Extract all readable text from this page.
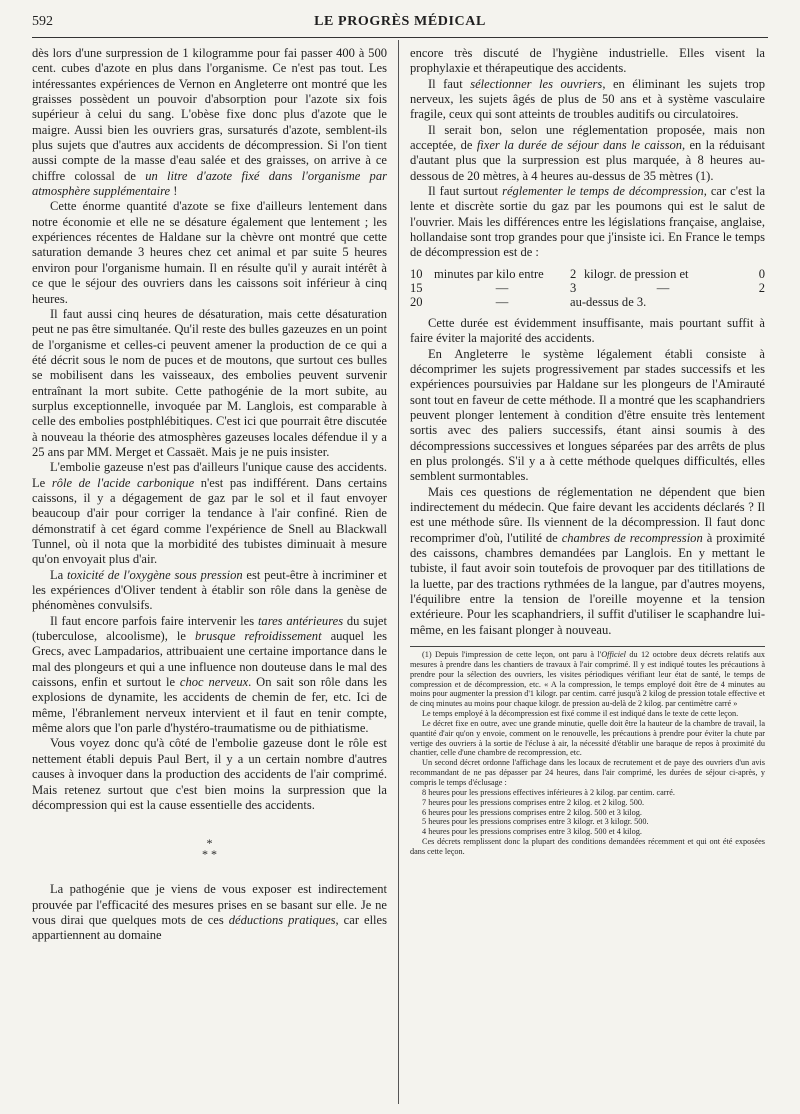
592	LE PROGRÈS MÉDICAL

dès lors d'une surpression de 1 kilogramme pour fai passer 400 à 500 cent. cubes d'azote en plus dans l'organisme. Ce n'est pas tout. Les intéressantes expériences de Vernon en Angleterre ont montré que les graisses possèdent un pouvoir d'absorption pour l'azote six fois supérieur à celui du sang. L'obèse fixe donc plus d'azote que le maigre. Aussi bien les ouvriers gras, sursaturés d'azote, semblent-ils plus sujets que d'autres aux accidents de décompression. Si l'on tient aussi compte de la masse d'eau salée et des graisses, on arrive à ce chiffre colossal de un litre d'azote fixé dans l'organisme par atmosphère supplémentaire !

Cette énorme quantité d'azote se fixe d'ailleurs lentement dans notre économie et elle ne se désature également que lentement ; les expériences récentes de Haldane sur la chèvre ont montré que cette saturation demande 3 heures chez cet animal et par suite 5 heures environ pour l'organisme humain. Il en résulte qu'il y aurait intérêt à ce que le séjour des ouvriers dans les caissons soit inférieur à cinq heures.

Il faut aussi cinq heures de désaturation, mais cette désaturation peut ne pas être simultanée. Qu'il reste des bulles gazeuzes en un point de l'organisme et celles-ci peuvent amener la production de ce qui a été décrit sous le nom de puces et de moutons, que surtout ces bulles se mobilisent dans les vaisseaux, des embolies peuvent survenir entraînant la mort subite. Cette pathogénie de la mort subite, au surplus exceptionnelle, invoquée par M. Langlois, est comparable à celle des embolies postphlébitiques. C'est ici que pourrait être discutée à nouveau la théorie des atmosphères gazeuses locales défendue il y a 25 ans par MM. Merget et Cassaët. Mais je ne puis insister.

L'embolie gazeuse n'est pas d'ailleurs l'unique cause des accidents. Le rôle de l'acide carbonique n'est pas indifférent. Dans certains caissons, il y a dégagement de gaz par le sol et il faut envoyer beaucoup d'air pour corriger la tendance à l'air confiné. Rien de démonstratif à cet égard comme l'expérience de Snell au Blackwall Tunnel, où il nota que la morbidité des tubistes diminuait à mesure qu'on envoyait plus d'air.

La toxicité de l'oxygène sous pression est peut-être à incriminer et les expériences d'Oliver tendent à établir son rôle dans la genèse de phénomènes convulsifs.

Il faut encore parfois faire intervenir les tares antérieures du sujet (tuberculose, alcoolisme), le brusque refroidissement auquel les Grecs, avec Lampadarios, attribuaient une certaine importance dans le mal des plongeurs et qui a une influence non douteuse dans le mal des caissons, enfin et surtout le choc nerveux. On sait son rôle dans les explosions de dynamite, les accidents de chemin de fer, etc. Ici de même, l'ébranlement nerveux intervient et il faut en tenir compte, même alors que l'on parle d'hystéro-traumatisme ou de pithiatisme.

Vous voyez donc qu'à côté de l'embolie gazeuse dont le rôle est nettement établi depuis Paul Bert, il y a un certain nombre d'autres causes à invoquer dans la production des accidents de l'air comprimé. Mais retenez surtout que c'est bien moins la surpression que la décompression qui est la cause essentielle des accidents.

*
* *

La pathogénie que je viens de vous exposer est indirectement prouvée par l'efficacité des mesures prises en se basant sur elle. Je ne vous dirai que quelques mots de ces déductions pratiques, car elles appartiennent au domaine

encore très discuté de l'hygiène industrielle. Elles visent la prophylaxie et thérapeutique des accidents.

Il faut sélectionner les ouvriers, en éliminant les sujets trop nerveux, les sujets âgés de plus de 50 ans et à système vasculaire fragile, ceux qui sont atteints de troubles auditifs ou circulatoires.

Il serait bon, selon une réglementation proposée, mais non acceptée, de fixer la durée de séjour dans le caisson, en la réduisant d'autant plus que la surpression est plus marquée, à 8 heures au-dessous de 20 mètres, à 4 heures au-dessus de 35 mètres (1).

Il faut surtout réglementer le temps de décompression, car c'est la lente et discrète sortie du gaz par les poumons qui est le salut de l'ouvrier. Mais les différences entre les législations française, anglaise, hollandaise sont trop grandes pour que j'insiste ici. En France le temps de décompression est de :

10	minutes par kilo entre	2	kilogr. de pression et	0
15	—	3	—	2
20	—	au-dessus de 3.		

Cette durée est évidemment insuffisante, mais pourtant suffit à faire éviter la majorité des accidents.

En Angleterre le système légalement établi consiste à décomprimer les sujets progressivement par stades successifs et les expériences poursuivies par Haldane sur les plongeurs de l'Amirauté sont tout en faveur de cette méthode. Il a montré que les scaphandriers peuvent plonger lentement à condition d'être ensuite très lentement sortis avec des paliers successifs, étant ainsi soumis à des décompressions successives et longues séparées par des arrêts de plus en plus prolongés. S'il y a à cette méthode quelques difficultés, elles semblent surmontables.

Mais ces questions de réglementation ne dépendent que bien indirectement du médecin. Que faire devant les accidents déclarés ? Il est une méthode sûre. Ils viennent de la décompression. Il faut donc recomprimer d'où, l'utilité de chambres de recompression à proximité des caissons, chambres demandées par Langlois. En y mettant le tubiste, il faut avoir soin toutefois de provoquer par des titillations de la luette, par des tractions rythmées de la langue, par d'autres moyens, l'équilibre entre la tension de l'oreille moyenne et la tension extérieure. Pour les scaphandriers, il suffit d'utiliser le scaphandre lui-même, en les faisant plonger à nouveau.

(1) Depuis l'impression de cette leçon, ont paru à l'Officiel du 12 octobre deux décrets relatifs aux mesures à prendre dans les chantiers de travaux à l'air comprimé. Il y est indiqué toutes les précautions à prendre pour la sélection des ouvriers, les visites périodiques vérifiant leur état de santé, le temps de compression et de décompression, etc. « A la compression, le temps employé doit être de 4 minutes au moins pour augmenter la pression d'1 kilogr. par centim. carré jusqu'à 2 kilog de pression totale effective et de cinq minutes au moins pour chaque kilogr. de pression au-delà de 2 kilog. par centimètre carré »

Le temps employé à la décompression est fixé comme il est indiqué dans le texte de cette leçon.

Le décret fixe en outre, avec une grande minutie, quelle doit être la hauteur de la chambre de travail, la quantité d'air qu'on y envoie, comment on le renouvelle, les précautions à prendre pour éviter la chute par vertige des ouvriers à la sortie de l'écluse à air, la nécessité d'établir une baraque de repos à proximité du chantier, celle d'une chambre de recompression, etc.

Un second décret ordonne l'affichage dans les locaux de recrutement et de paye des ouvriers d'un avis recommandant de ne pas dépasser par 24 heures, dans l'air comprimé, les durées de séjour ci-après, y compris le temps d'éclusage :

8 heures pour les pressions effectives inférieures à 2 kilog. par centim. carré.

7 heures pour les pressions comprises entre 2 kilog. et 2 kilog. 500.

6 heures pour les pressions comprises entre 2 kilog. 500 et 3 kilog.

5 heures pour les pressions comprises entre 3 kilogr. et 3 kilogr. 500.

4 heures pour les pressions comprises entre 3 kilog. 500 et 4 kilog.

Ces décrets remplissent donc la plupart des conditions demandées récemment et qui ont été exposées dans cette leçon.
